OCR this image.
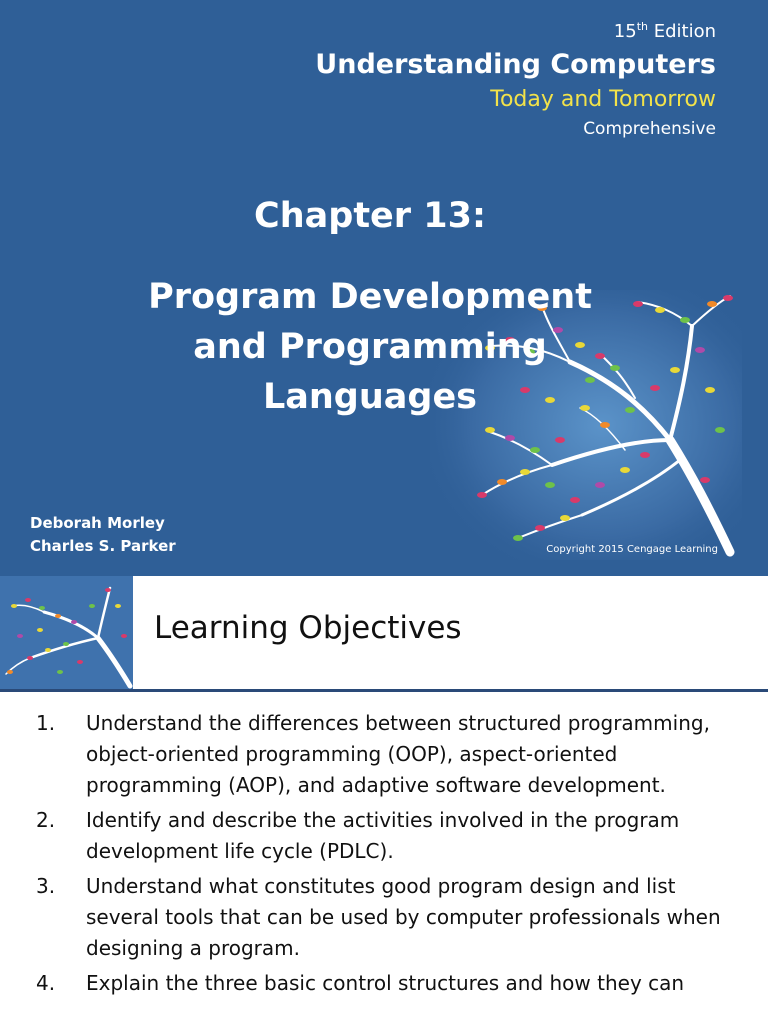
15th Edition
Understanding Computers
Today and Tomorrow
Comprehensive
Chapter 13:
Program Development
and Programming
Languages
Deborah Morley
Charles S. Parker	Copyright 2015 Cengage Learning
Learning Objectives
1. Understand the differences between structured programming, object-oriented programming (OOP), aspect-oriented programming (AOP), and adaptive software development.
2. Identify and describe the activities involved in the program development life cycle (PDLC).
3. Understand what constitutes good program design and list several tools that can be used by computer professionals when designing a program.
4. Explain the three basic control structures and how they can
